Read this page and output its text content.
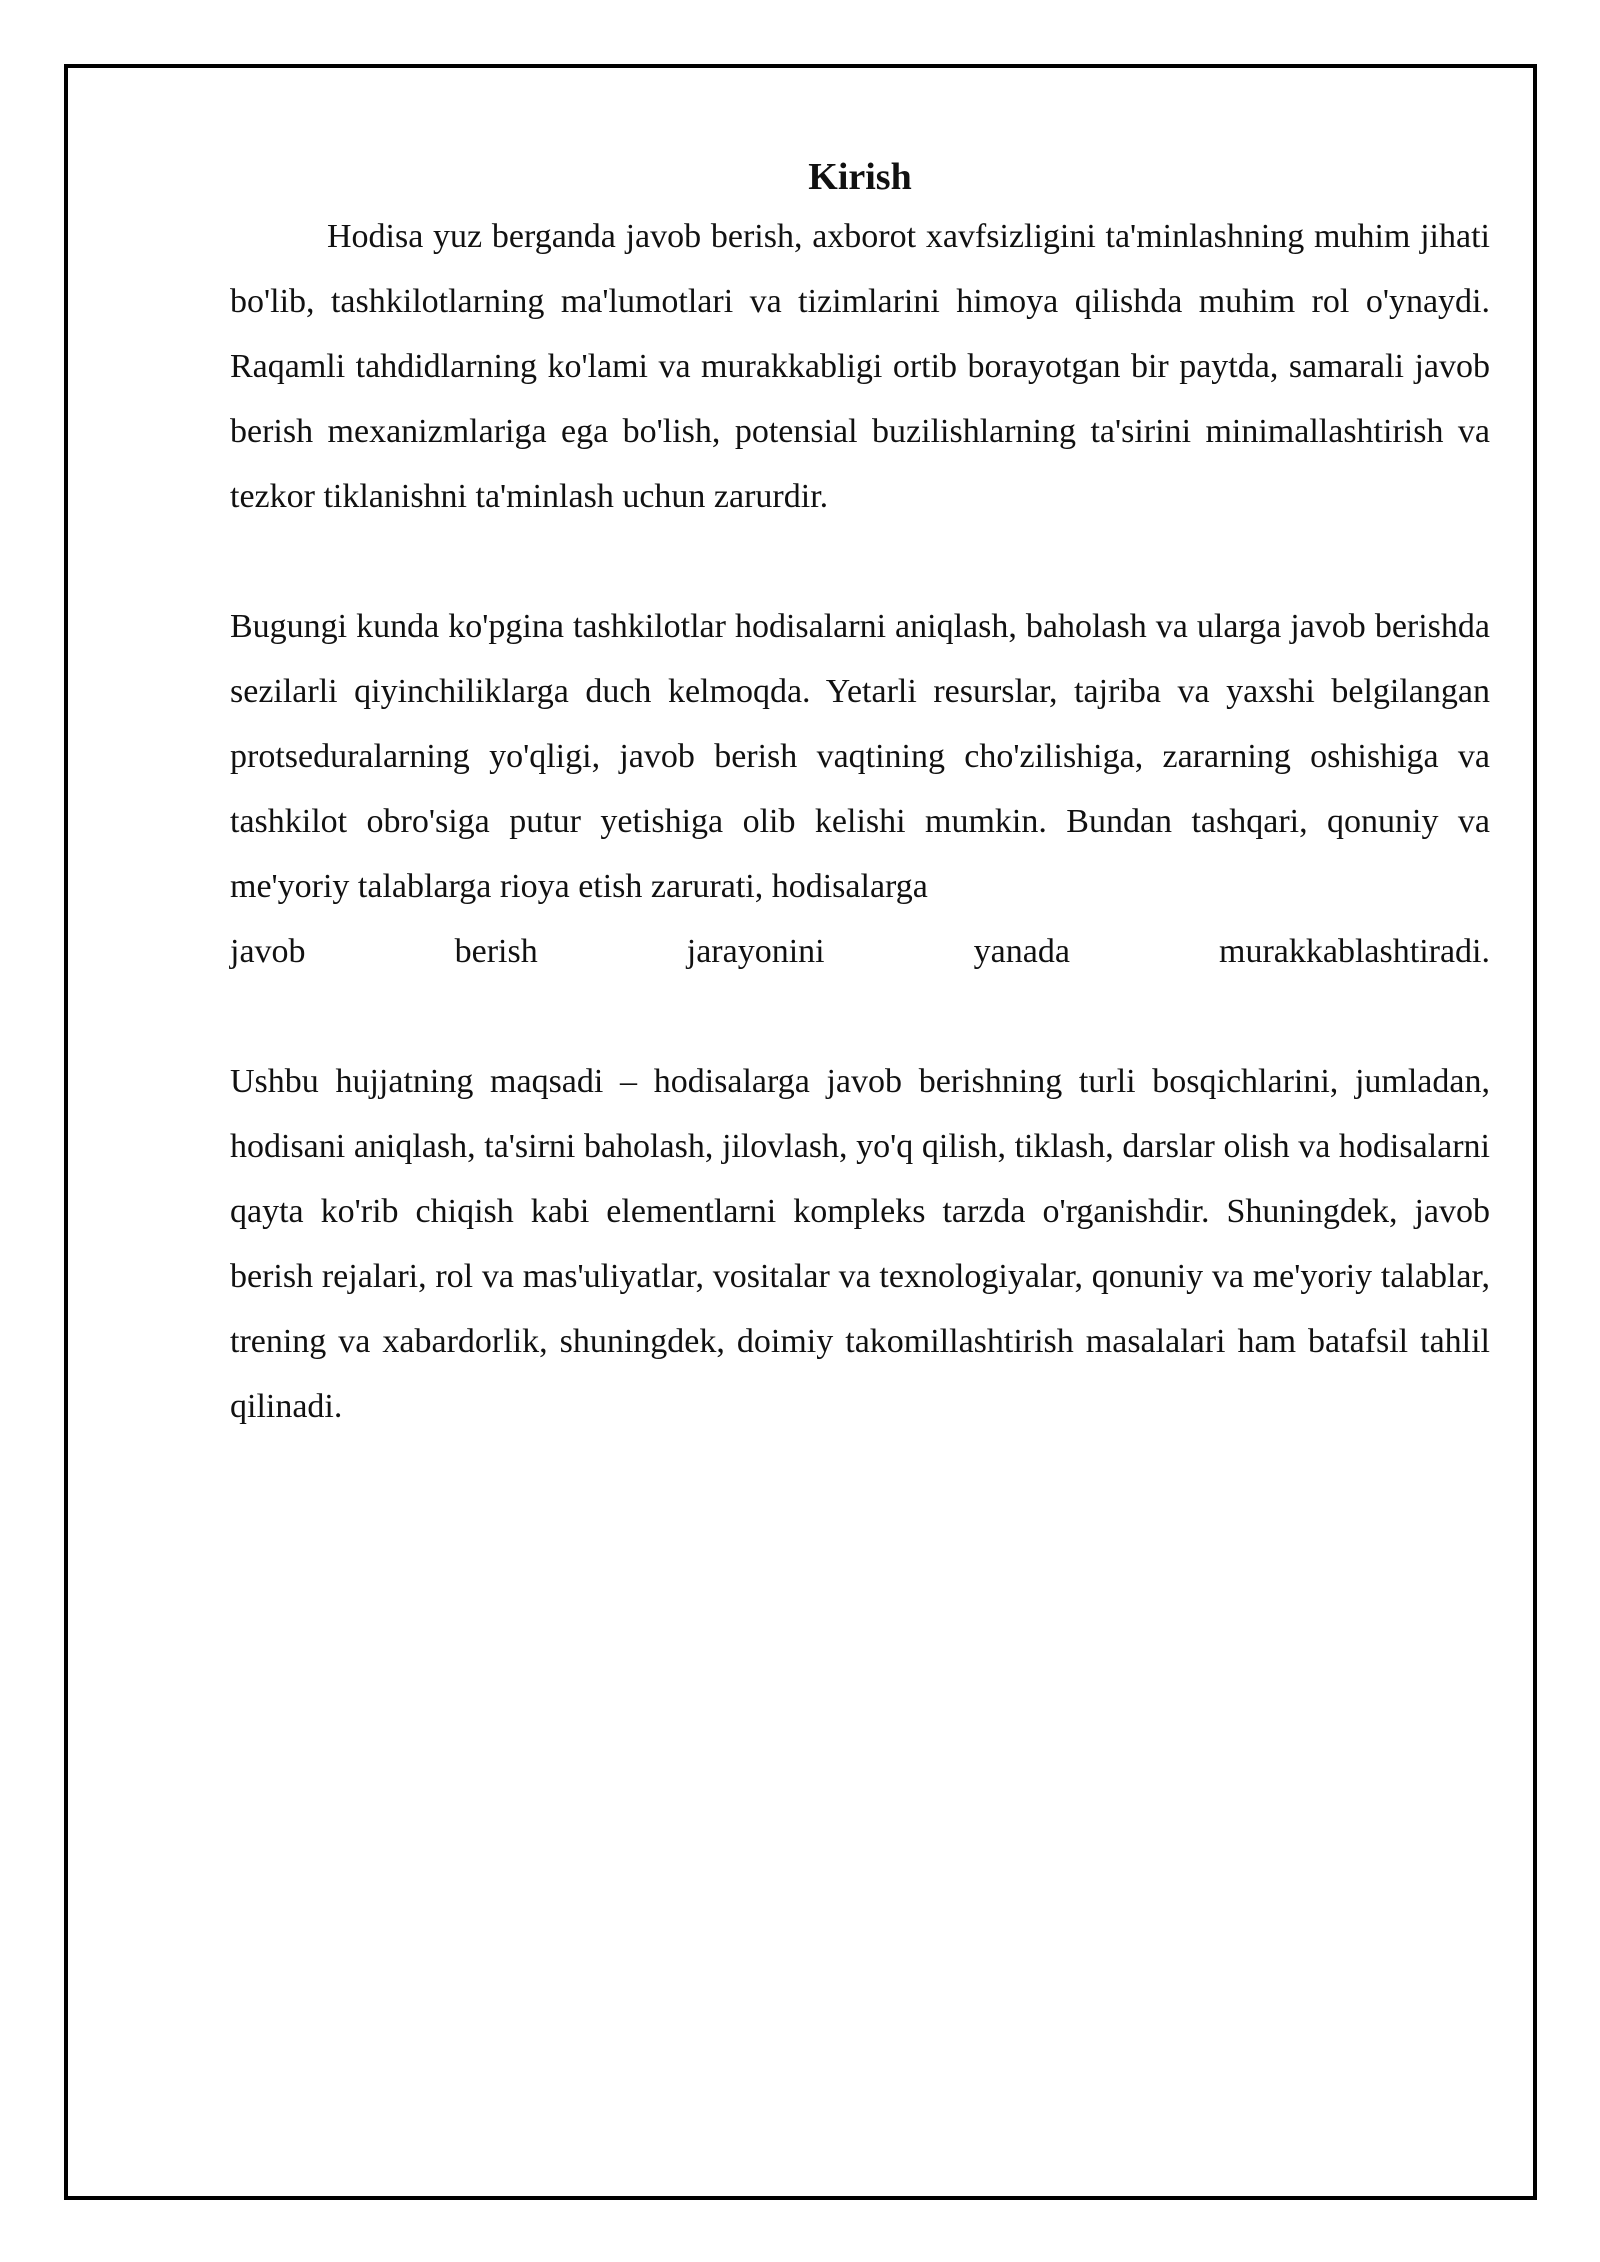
Kirish

Hodisa yuz berganda javob berish, axborot xavfsizligini ta'minlashning muhim jihati bo'lib, tashkilotlarning ma'lumotlari va tizimlarini himoya qilishda muhim rol o'ynaydi. Raqamli tahdidlarning ko'lami va murakkabligi ortib borayotgan bir paytda, samarali javob berish mexanizmlariga ega bo'lish, potensial buzilishlarning ta'sirini minimallashtirish va tezkor tiklanishni ta'minlash uchun zarurdir.

Bugungi kunda ko'pgina tashkilotlar hodisalarni aniqlash, baholash va ularga javob berishda sezilarli qiyinchiliklarga duch kelmoqda. Yetarli resurslar, tajriba va yaxshi belgilangan protseduralarning yo'qligi, javob berish vaqtining cho'zilishiga, zararning oshishiga va tashkilot obro'siga putur yetishiga olib kelishi mumkin. Bundan tashqari, qonuniy va me'yoriy talablarga rioya etish zarurati, hodisalarga
javob berish jarayonini yanada murakkablashtiradi.

Ushbu hujjatning maqsadi – hodisalarga javob berishning turli bosqichlarini, jumladan, hodisani aniqlash, ta'sirni baholash, jilovlash, yo'q qilish, tiklash, darslar olish va hodisalarni qayta ko'rib chiqish kabi elementlarni kompleks tarzda o'rganishdir. Shuningdek, javob berish rejalari, rol va mas'uliyatlar, vositalar va texnologiyalar, qonuniy va me'yoriy talablar, trening va xabardorlik, shuningdek, doimiy takomillashtirish masalalari ham batafsil tahlil qilinadi.
